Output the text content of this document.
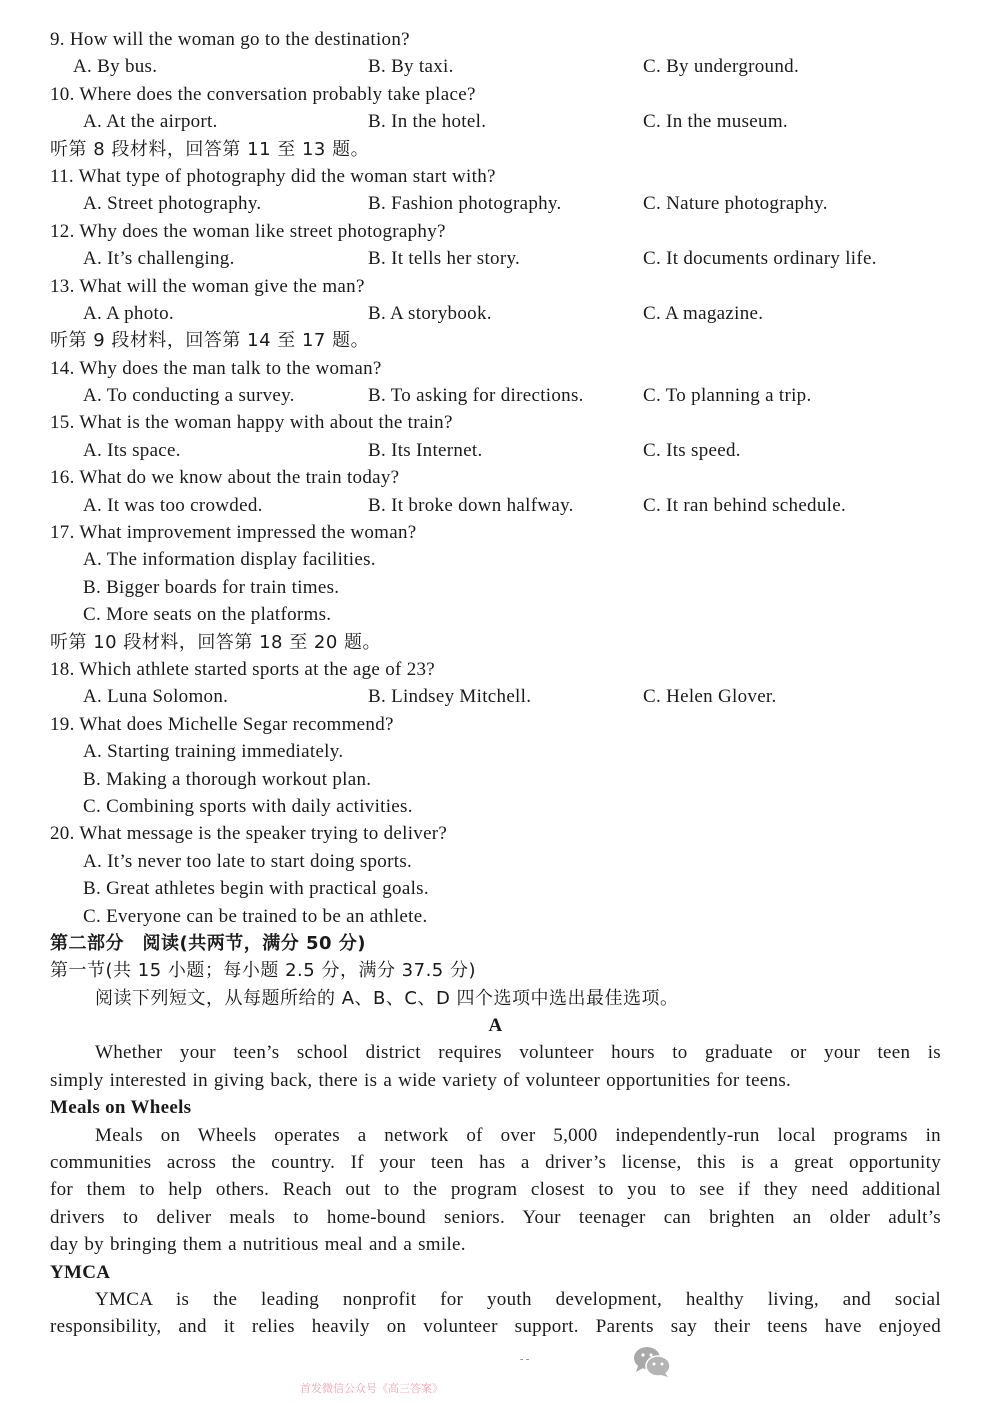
9. How will the woman go to the destination?
A. By bus.	B. By taxi.	C. By underground.
10. Where does the conversation probably take place?
A. At the airport.	B. In the hotel.	C. In the museum.
听第 8 段材料，回答第 11 至 13 题。
11. What type of photography did the woman start with?
A. Street photography.	B. Fashion photography.	C. Nature photography.
12. Why does the woman like street photography?
A. It’s challenging.	B. It tells her story.	C. It documents ordinary life.
13. What will the woman give the man?
A. A photo.	B. A storybook.	C. A magazine.
听第 9 段材料，回答第 14 至 17 题。
14. Why does the man talk to the woman?
A. To conducting a survey.	B. To asking for directions.	C. To planning a trip.
15. What is the woman happy with about the train?
A. Its space.	B. Its Internet.	C. Its speed.
16. What do we know about the train today?
A. It was too crowded.	B. It broke down halfway.	C. It ran behind schedule.
17. What improvement impressed the woman?
A. The information display facilities.
B. Bigger boards for train times.
C. More seats on the platforms.
听第 10 段材料，回答第 18 至 20 题。
18. Which athlete started sports at the age of 23?
A. Luna Solomon.	B. Lindsey Mitchell.	C. Helen Glover.
19. What does Michelle Segar recommend?
A. Starting training immediately.
B. Making a thorough workout plan.
C. Combining sports with daily activities.
20. What message is the speaker trying to deliver?
A. It’s never too late to start doing sports.
B. Great athletes begin with practical goals.
C. Everyone can be trained to be an athlete.
第二部分　阅读(共两节，满分 50 分)
第一节(共 15 小题；每小题 2.5 分，满分 37.5 分)
阅读下列短文，从每题所给的 A、B、C、D 四个选项中选出最佳选项。
A
Whether your teen’s school district requires volunteer hours to graduate or your teen is
simply interested in giving back, there is a wide variety of volunteer opportunities for teens.
Meals on Wheels
Meals on Wheels operates a network of over 5,000 independently-run local programs in
communities across the country. If your teen has a driver’s license, this is a great opportunity
for them to help others. Reach out to the program closest to you to see if they need additional
drivers to deliver meals to home-bound seniors. Your teenager can brighten an older adult’s
day by bringing them a nutritious meal and a smile.
YMCA
YMCA is the leading nonprofit for youth development, healthy living, and social
responsibility, and it relies heavily on volunteer support. Parents say their teens have enjoyed
首发微信公众号《高三答案》
- -
